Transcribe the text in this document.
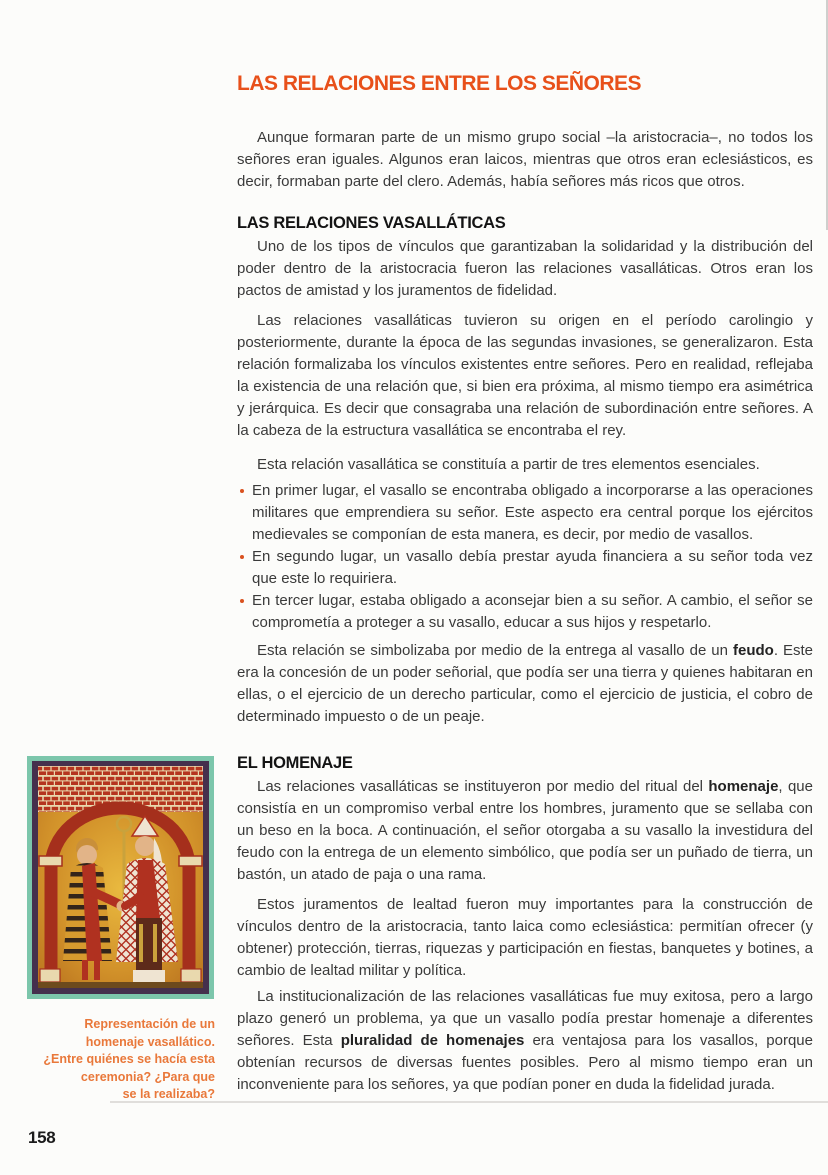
LAS RELACIONES ENTRE LOS SEÑORES

Aunque formaran parte de un mismo grupo social –la aristocracia–, no todos los señores eran iguales. Algunos eran laicos, mientras que otros eran eclesiásticos, es decir, formaban parte del clero. Además, había señores más ricos que otros.

LAS RELACIONES VASALLÁTICAS

Uno de los tipos de vínculos que garantizaban la solidaridad y la distribución del poder dentro de la aristocracia fueron las relaciones vasalláticas. Otros eran los pactos de amistad y los juramentos de fidelidad.

Las relaciones vasalláticas tuvieron su origen en el período carolingio y posteriormente, durante la época de las segundas invasiones, se generalizaron. Esta relación formalizaba los vínculos existentes entre señores. Pero en realidad, reflejaba la existencia de una relación que, si bien era próxima, al mismo tiempo era asimétrica y jerárquica. Es decir que consagraba una relación de subordinación entre señores. A la cabeza de la estructura vasallática se encontraba el rey.

Esta relación vasallática se constituía a partir de tres elementos esenciales.

En primer lugar, el vasallo se encontraba obligado a incorporarse a las operaciones militares que emprendiera su señor. Este aspecto era central porque los ejércitos medievales se componían de esta manera, es decir, por medio de vasallos.
En segundo lugar, un vasallo debía prestar ayuda financiera a su señor toda vez que este lo requiriera.
En tercer lugar, estaba obligado a aconsejar bien a su señor. A cambio, el señor se comprometía a proteger a su vasallo, educar a sus hijos y respetarlo.

Esta relación se simbolizaba por medio de la entrega al vasallo de un feudo. Este era la concesión de un poder señorial, que podía ser una tierra y quienes habitaran en ellas, o el ejercicio de un derecho particular, como el ejercicio de justicia, el cobro de determinado impuesto o de un peaje.

EL HOMENAJE

Las relaciones vasalláticas se instituyeron por medio del ritual del homenaje, que consistía en un compromiso verbal entre los hombres, juramento que se sellaba con un beso en la boca. A continuación, el señor otorgaba a su vasallo la investidura del feudo con la entrega de un elemento simbólico, que podía ser un puñado de tierra, un bastón, un atado de paja o una rama.

Estos juramentos de lealtad fueron muy importantes para la construcción de vínculos dentro de la aristocracia, tanto laica como eclesiástica: permitían ofrecer (y obtener) protección, tierras, riquezas y participación en fiestas, banquetes y botines, a cambio de lealtad militar y política.

La institucionalización de las relaciones vasalláticas fue muy exitosa, pero a largo plazo generó un problema, ya que un vasallo podía prestar homenaje a diferentes señores. Esta pluralidad de homenajes era ventajosa para los vasallos, porque obtenían recursos de diversas fuentes posibles. Pero al mismo tiempo eran un inconveniente para los señores, ya que podían poner en duda la fidelidad jurada.

Representación de un
homenaje vasallático.
¿Entre quiénes se hacía esta
ceremonia? ¿Para que
se la realizaba?
158
